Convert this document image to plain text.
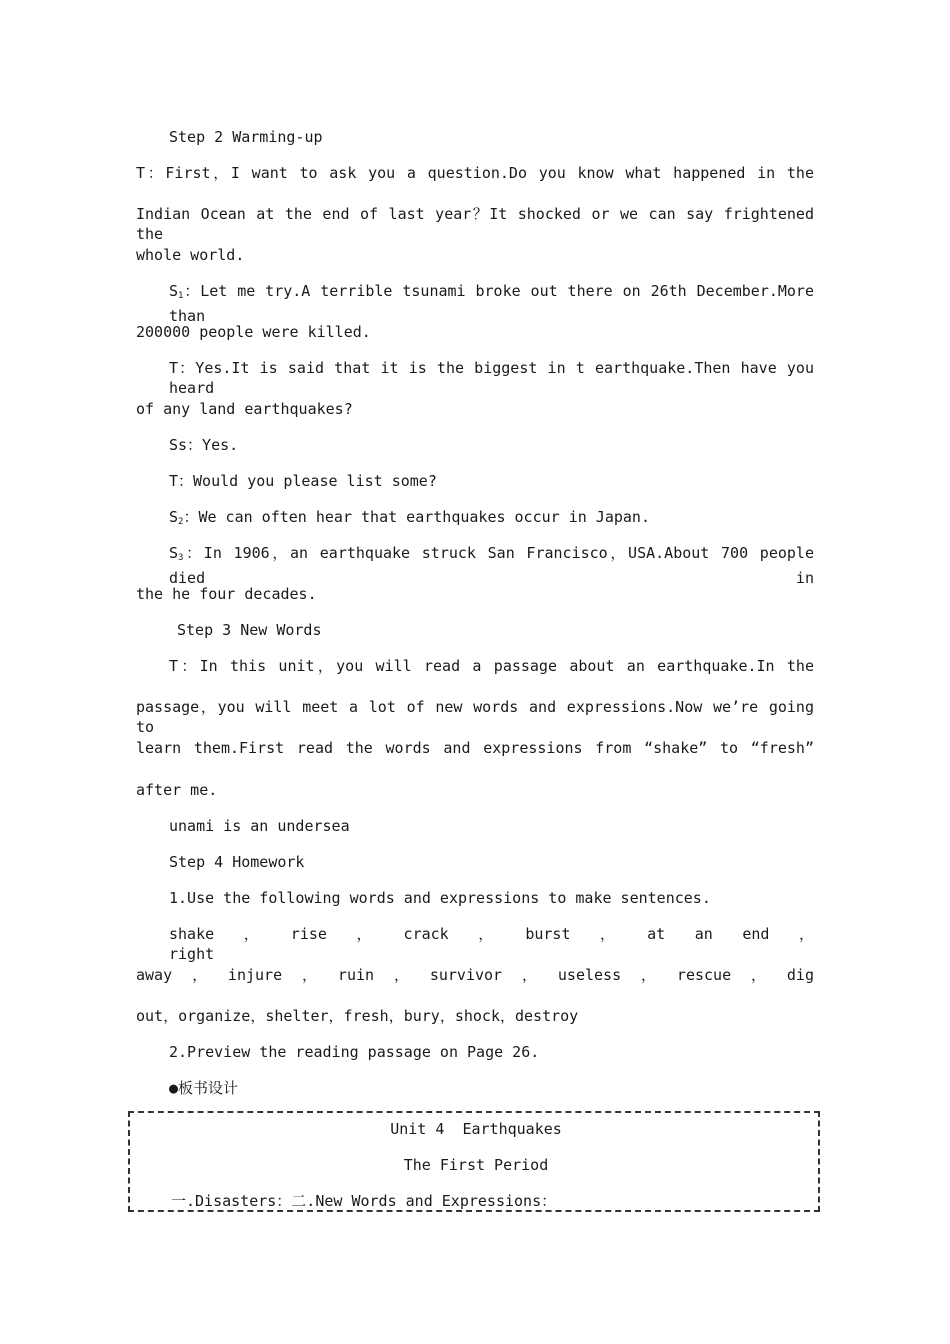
Step 2 Warming-up
T：First，I want to ask you a question.Do you know what happened in the
Indian Ocean at the end of last year？It shocked or we can say frightened the
whole world.
$S_1$：Let me try.A terrible tsunami broke out there on 26th December.More than
200000 people were killed.
T：Yes.It is said that it is the biggest in t earthquake.Then have you heard
of any land earthquakes?
Ss：Yes.
T：Would you please list some?
$S_2$：We can often hear that earthquakes occur in Japan.
$S_3$：In 1906，an earthquake struck San Francisco，USA.About 700 people died in
the he four decades.
Step 3 New Words
T：In this unit，you will read a passage about an earthquake.In the
passage，you will meet a lot of new words and expressions.Now we’re going to
learn them.First read the words and expressions from “shake” to “fresh”
after me.
unami is an undersea
Step 4 Homework
1.Use the following words and expressions to make sentences.
shake ， rise ， crack ， burst ， at an end ， right
away ， injure ， ruin ， survivor ， useless ， rescue ， dig
out，organize，shelter，fresh，bury，shock，destroy
2.Preview the reading passage on Page 26.
●板书设计
Unit 4  Earthquakes
The First Period
一.Disasters：二.New Words and Expressions：
